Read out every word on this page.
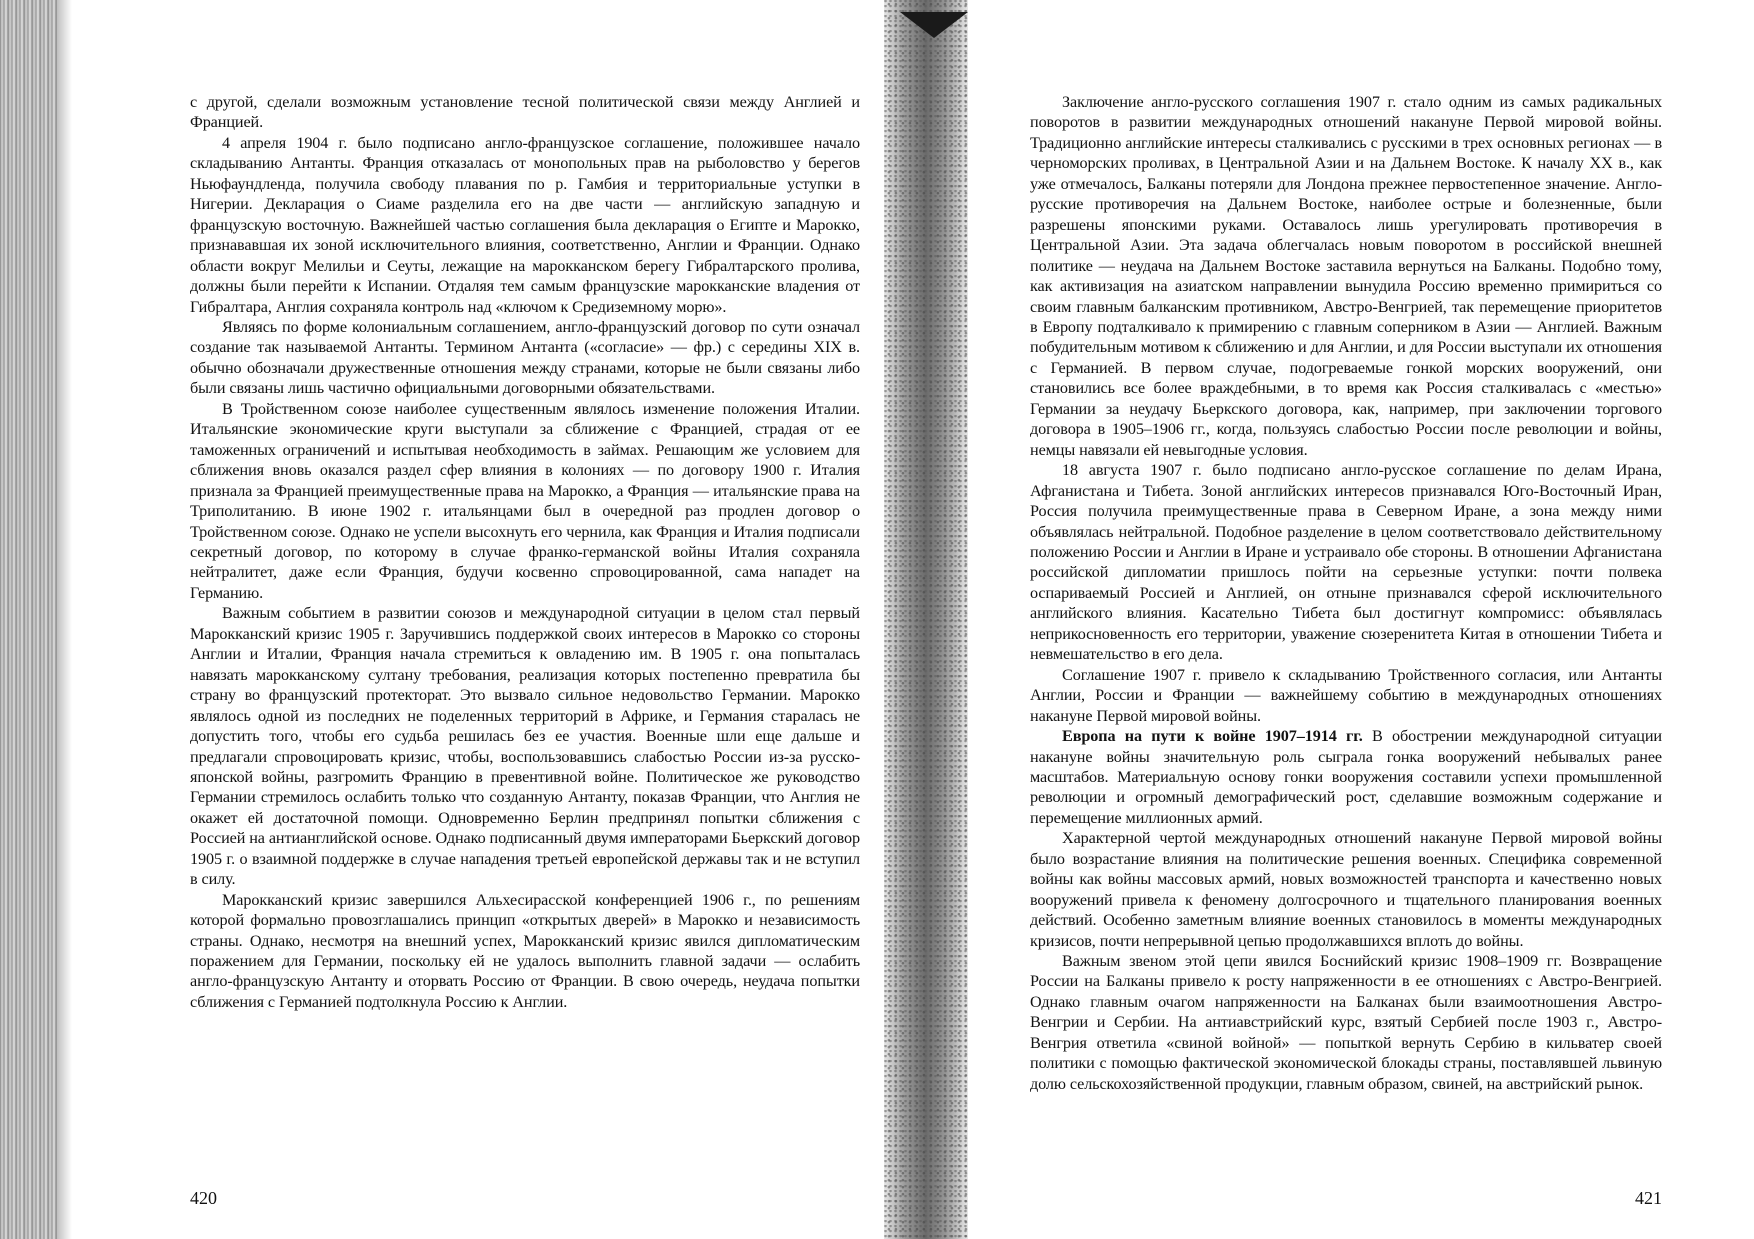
с другой, сделали возможным установление тесной политической связи между Англией и Францией.

4 апреля 1904 г. было подписано англо-французское соглашение, положившее начало складыванию Антанты. Франция отказалась от монопольных прав на рыболовство у берегов Ньюфаундленда, получила свободу плавания по р. Гамбия и территориальные уступки в Нигерии. Декларация о Сиаме разделила его на две части — английскую западную и французскую восточную. Важнейшей частью соглашения была декларация о Египте и Марокко, признававшая их зоной исключительного влияния, соответственно, Англии и Франции. Однако области вокруг Мелильи и Сеуты, лежащие на марокканском берегу Гибралтарского пролива, должны были перейти к Испании. Отдаляя тем самым французские марокканские владения от Гибралтара, Англия сохраняла контроль над «ключом к Средиземному морю».

Являясь по форме колониальным соглашением, англо-французский договор по сути означал создание так называемой Антанты. Термином Антанта («согласие» — фр.) с середины XIX в. обычно обозначали дружественные отношения между странами, которые не были связаны либо были связаны лишь частично официальными договорными обязательствами.

В Тройственном союзе наиболее существенным являлось изменение положения Италии. Итальянские экономические круги выступали за сближение с Францией, страдая от ее таможенных ограничений и испытывая необходимость в займах. Решающим же условием для сближения вновь оказался раздел сфер влияния в колониях — по договору 1900 г. Италия признала за Францией преимущественные права на Марокко, а Франция — итальянские права на Триполитанию. В июне 1902 г. итальянцами был в очередной раз продлен договор о Тройственном союзе. Однако не успели высохнуть его чернила, как Франция и Италия подписали секретный договор, по которому в случае франко-германской войны Италия сохраняла нейтралитет, даже если Франция, будучи косвенно спровоцированной, сама нападет на Германию.

Важным событием в развитии союзов и международной ситуации в целом стал первый Марокканский кризис 1905 г. Заручившись поддержкой своих интересов в Марокко со стороны Англии и Италии, Франция начала стремиться к овладению им. В 1905 г. она попыталась навязать марокканскому султану требования, реализация которых постепенно превратила бы страну во французский протекторат. Это вызвало сильное недовольство Германии. Марокко являлось одной из последних не поделенных территорий в Африке, и Германия старалась не допустить того, чтобы его судьба решилась без ее участия. Военные шли еще дальше и предлагали спровоцировать кризис, чтобы, воспользовавшись слабостью России из-за русско-японской войны, разгромить Францию в превентивной войне. Политическое же руководство Германии стремилось ослабить только что созданную Антанту, показав Франции, что Англия не окажет ей достаточной помощи. Одновременно Берлин предпринял попытки сближения с Россией на антианглийской основе. Однако подписанный двумя императорами Бьеркский договор 1905 г. о взаимной поддержке в случае нападения третьей европейской державы так и не вступил в силу.

Марокканский кризис завершился Альхесирасской конференцией 1906 г., по решениям которой формально провозглашались принцип «открытых дверей» в Марокко и независимость страны. Однако, несмотря на внешний успех, Марокканский кризис явился дипломатическим поражением для Германии, поскольку ей не удалось выполнить главной задачи — ослабить англо-французскую Антанту и оторвать Россию от Франции. В свою очередь, неудача попытки сближения с Германией подтолкнула Россию к Англии.

420

Заключение англо-русского соглашения 1907 г. стало одним из самых радикальных поворотов в развитии международных отношений накануне Первой мировой войны. Традиционно английские интересы сталкивались с русскими в трех основных регионах — в черноморских проливах, в Центральной Азии и на Дальнем Востоке. К началу XX в., как уже отмечалось, Балканы потеряли для Лондона прежнее первостепенное значение. Англо-русские противоречия на Дальнем Востоке, наиболее острые и болезненные, были разрешены японскими руками. Оставалось лишь урегулировать противоречия в Центральной Азии. Эта задача облегчалась новым поворотом в российской внешней политике — неудача на Дальнем Востоке заставила вернуться на Балканы. Подобно тому, как активизация на азиатском направлении вынудила Россию временно примириться со своим главным балканским противником, Австро-Венгрией, так перемещение приоритетов в Европу подталкивало к примирению с главным соперником в Азии — Англией. Важным побудительным мотивом к сближению и для Англии, и для России выступали их отношения с Германией. В первом случае, подогреваемые гонкой морских вооружений, они становились все более враждебными, в то время как Россия сталкивалась с «местью» Германии за неудачу Бьеркского договора, как, например, при заключении торгового договора в 1905–1906 гг., когда, пользуясь слабостью России после революции и войны, немцы навязали ей невыгодные условия.

18 августа 1907 г. было подписано англо-русское соглашение по делам Ирана, Афганистана и Тибета. Зоной английских интересов признавался Юго-Восточный Иран, Россия получила преимущественные права в Северном Иране, а зона между ними объявлялась нейтральной. Подобное разделение в целом соответствовало действительному положению России и Англии в Иране и устраивало обе стороны. В отношении Афганистана российской дипломатии пришлось пойти на серьезные уступки: почти полвека оспариваемый Россией и Англией, он отныне признавался сферой исключительного английского влияния. Касательно Тибета был достигнут компромисс: объявлялась неприкосновенность его территории, уважение сюзеренитета Китая в отношении Тибета и невмешательство в его дела.

Соглашение 1907 г. привело к складыванию Тройственного согласия, или Антанты Англии, России и Франции — важнейшему событию в международных отношениях накануне Первой мировой войны.

Европа на пути к войне 1907–1914 гг. В обострении международной ситуации накануне войны значительную роль сыграла гонка вооружений небывалых ранее масштабов. Материальную основу гонки вооружения составили успехи промышленной революции и огромный демографический рост, сделавшие возможным содержание и перемещение миллионных армий.

Характерной чертой международных отношений накануне Первой мировой войны было возрастание влияния на политические решения военных. Специфика современной войны как войны массовых армий, новых возможностей транспорта и качественно новых вооружений привела к феномену долгосрочного и тщательного планирования военных действий. Особенно заметным влияние военных становилось в моменты международных кризисов, почти непрерывной цепью продолжавшихся вплоть до войны.

Важным звеном этой цепи явился Боснийский кризис 1908–1909 гг. Возвращение России на Балканы привело к росту напряженности в ее отношениях с Австро-Венгрией. Однако главным очагом напряженности на Балканах были взаимоотношения Австро-Венгрии и Сербии. На антиавстрийский курс, взятый Сербией после 1903 г., Австро-Венгрия ответила «свиной войной» — попыткой вернуть Сербию в кильватер своей политики с помощью фактической экономической блокады страны, поставлявшей львиную долю сельскохозяйственной продукции, главным образом, свиней, на австрийский рынок.

421
